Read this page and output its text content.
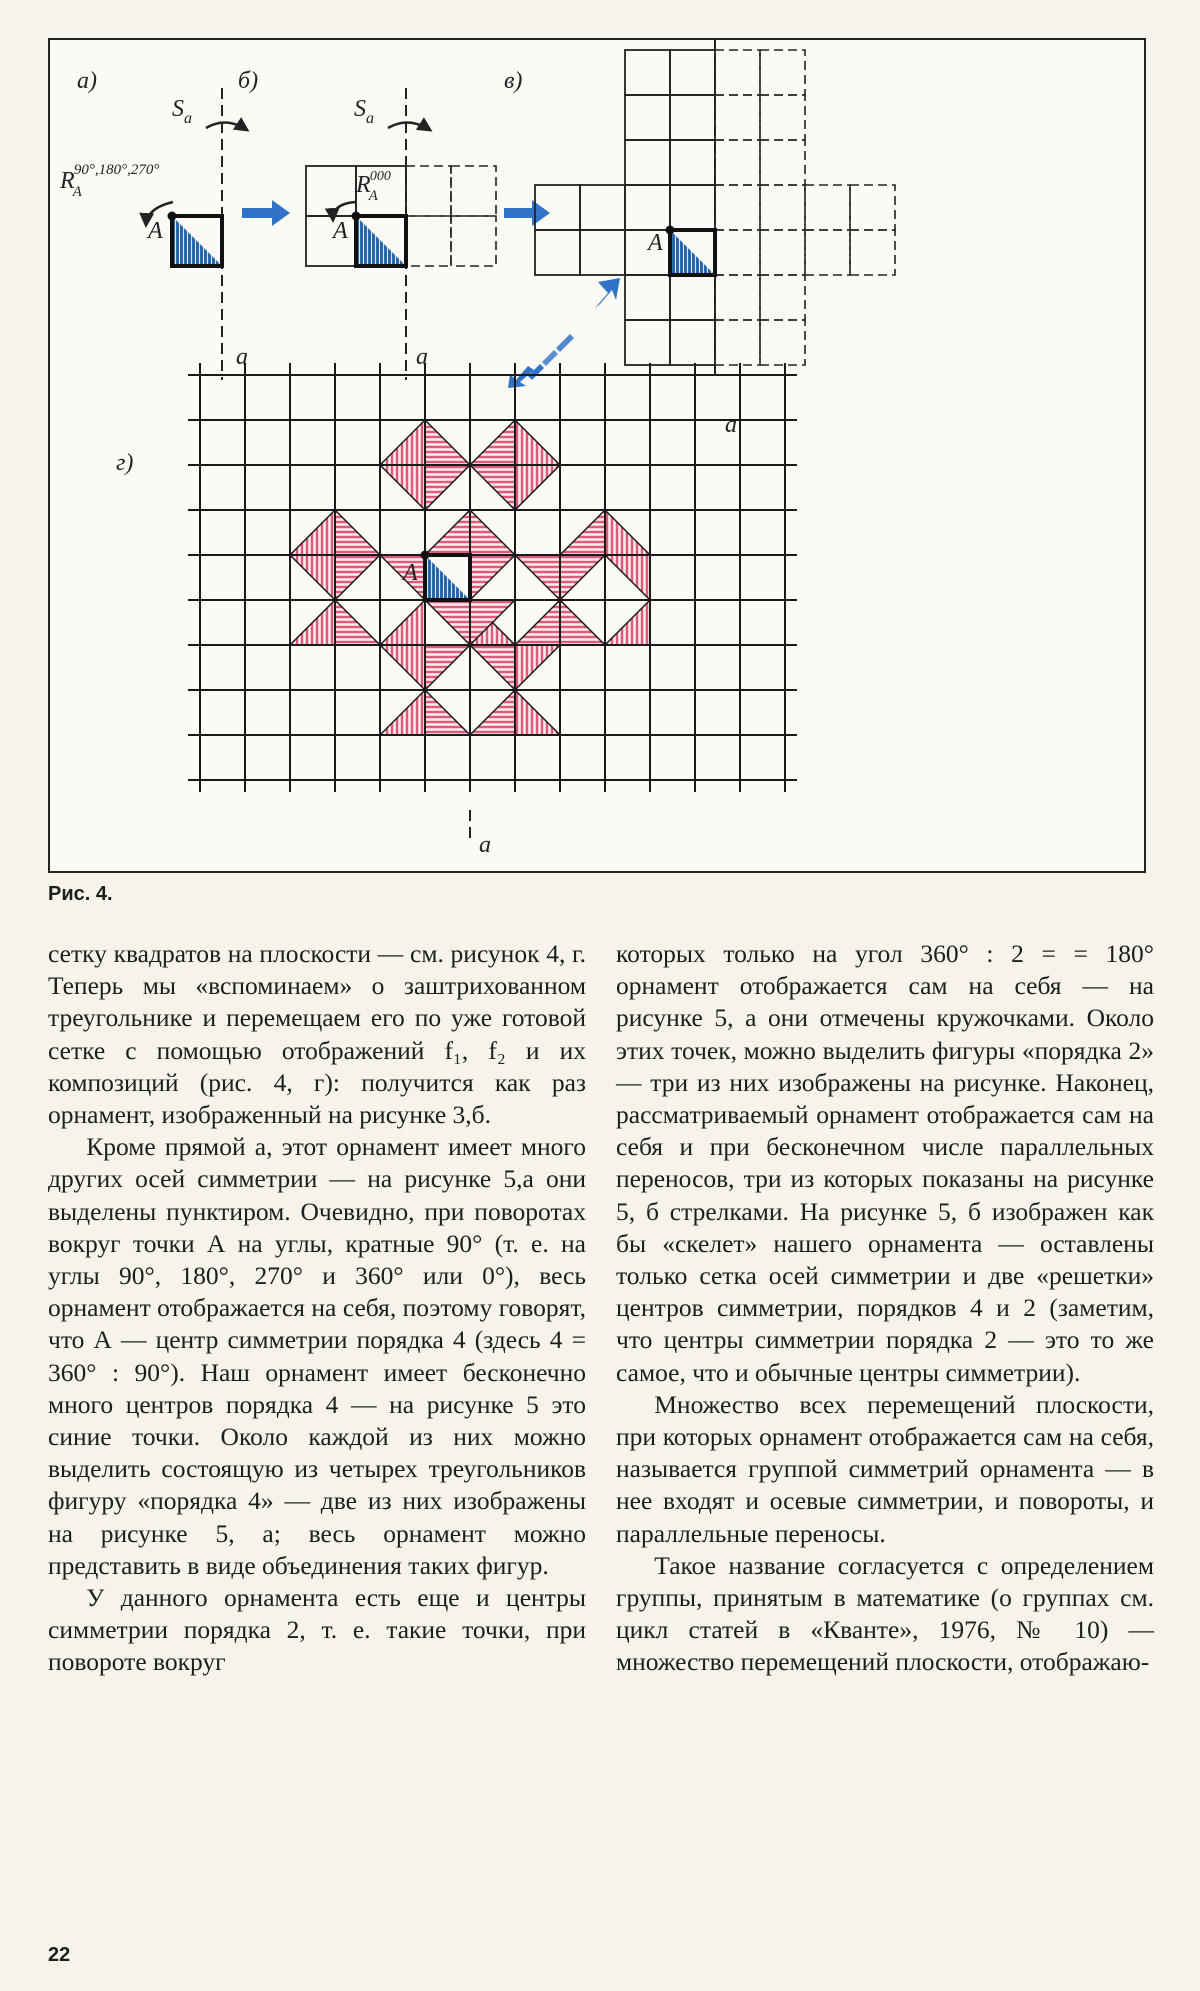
а)
$S_a$
RA90°,180°,270°
A
a
б)
$S_a$
RA000
A
a
в)
A
a
г)
a
A
Рис. 4.

сетку квадратов на плоскости — см. рисунок 4, г. Теперь мы «вспоминаем» о заштрихованном треугольнике и перемещаем его по уже готовой сетке с помощью отображений f₁, f₂ и их композиций (рис. 4, г): получится как раз орнамент, изображенный на рисунке 3,б.

Кроме прямой а, этот орнамент имеет много других осей симметрии — на рисунке 5,а они выделены пунктиром. Очевидно, при поворотах вокруг точки А на углы, кратные 90° (т. е. на углы 90°, 180°, 270° и 360° или 0°), весь орнамент отображается на себя, поэтому говорят, что А — центр симметрии порядка 4 (здесь 4 = 360° : 90°). Наш орнамент имеет бесконечно много центров порядка 4 — на рисунке 5 это синие точки. Около каждой из них можно выделить состоящую из четырех треугольников фигуру «порядка 4» — две из них изображены на рисунке 5, а; весь орнамент можно представить в виде объединения таких фигур.

У данного орнамента есть еще и центры симметрии порядка 2, т. е. такие точки, при повороте вокруг

которых только на угол 360° : 2 = = 180° орнамент отображается сам на себя — на рисунке 5, а они отмечены кружочками. Около этих точек, можно выделить фигуры «порядка 2» — три из них изображены на рисунке. Наконец, рассматриваемый орнамент отображается сам на себя и при бесконечном числе параллельных переносов, три из которых показаны на рисунке 5, б стрелками. На рисунке 5, б изображен как бы «скелет» нашего орнамента — оставлены только сетка осей симметрии и две «решетки» центров симметрии, порядков 4 и 2 (заметим, что центры симметрии порядка 2 — это то же самое, что и обычные центры симметрии).

Множество всех перемещений плоскости, при которых орнамент отображается сам на себя, называется группой симметрий орнамента — в нее входят и осевые симметрии, и повороты, и параллельные переносы.

Такое название согласуется с определением группы, принятым в математике (о группах см. цикл статей в «Кванте», 1976, № 10) — множество перемещений плоскости, отображаю-

22
